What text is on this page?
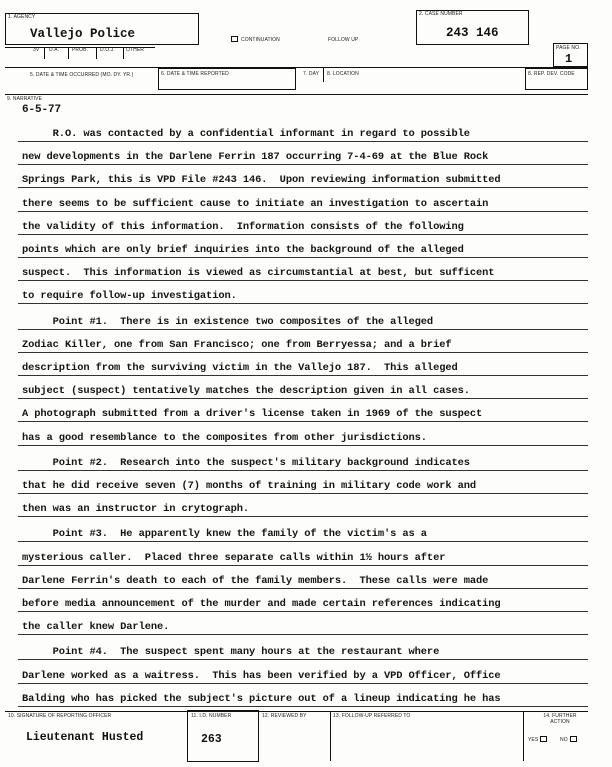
1. AGENCY
Vallejo Police	CONTINUATION	FOLLOW UP
2. CASE NUMBER
243 146
PAGE NO.
1
3V D.A.	PROB. D.O.J. OTHER
5. DATE & TIME OCCURRED (MO. DY. YR.)	6. DATE & TIME REPORTED	7. DAY 8. LOCATION	8. REP. DEV. CODE
9. NARRATIVE
6-5-77
R.O. was contacted by a confidential informant in regard to possible
new developments in the Darlene Ferrin 187 occurring 7-4-69 at the Blue Rock
Springs Park, this is VPD File #243 146.  Upon reviewing information submitted
there seems to be sufficient cause to initiate an investigation to ascertain
the validity of this information.  Information consists of the following
points which are only brief inquiries into the background of the alleged
suspect.  This information is viewed as circumstantial at best, but sufficent
to require follow-up investigation.
Point #1.  There is in existence two composites of the alleged
Zodiac Killer, one from San Francisco; one from Berryessa; and a brief
description from the surviving victim in the Vallejo 187.  This alleged
subject (suspect) tentatively matches the description given in all cases.
A photograph submitted from a driver's license taken in 1969 of the suspect
has a good resemblance to the composites from other jurisdictions.
Point #2.  Research into the suspect's military background indicates
that he did receive seven (7) months of training in military code work and
then was an instructor in crytograph.
Point #3.  He apparently knew the family of the victim's as a
mysterious caller.  Placed three separate calls within 1½ hours after
Darlene Ferrin's death to each of the family members.  These calls were made
before media announcement of the murder and made certain references indicating
the caller knew Darlene.
Point #4.  The suspect spent many hours at the restaurant where
Darlene worked as a waitress.  This has been verified by a VPD Officer, Office
Balding who has picked the subject's picture out of a lineup indicating he has
10. SIGNATURE OF REPORTING OFFICER
Lieutenant Husted
11. I.D. NUMBER
263
12. REVIEWED BY	13. FOLLOW-UP REFERRED TO	14. FURTHER ACTION
YES	NO
